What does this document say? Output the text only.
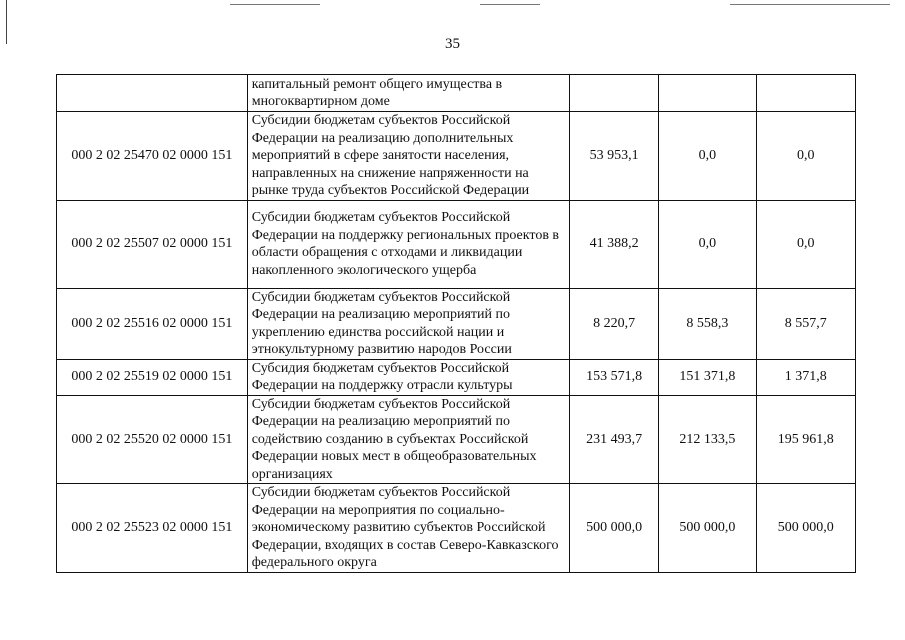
35
	капитальный ремонт общего имущества в многоквартирном доме			
000 2 02 25470 02 0000 151	Субсидии бюджетам субъектов Российской Федерации на реализацию дополнительных мероприятий в сфере занятости населения, направленных на снижение напряженности на рынке труда субъектов Российской Федерации	53 953,1	0,0	0,0
000 2 02 25507 02 0000 151	Субсидии бюджетам субъектов Российской Федерации на поддержку региональных проектов в области обращения с отходами и ликвидации накопленного экологического ущерба	41 388,2	0,0	0,0
000 2 02 25516 02 0000 151	Субсидии бюджетам субъектов Российской Федерации на реализацию мероприятий по укреплению единства российской нации и этнокультурному развитию народов России	8 220,7	8 558,3	8 557,7
000 2 02 25519 02 0000 151	Субсидия бюджетам субъектов Российской Федерации на поддержку отрасли культуры	153 571,8	151 371,8	1 371,8
000 2 02 25520 02 0000 151	Субсидии бюджетам субъектов Российской Федерации на реализацию мероприятий по содействию созданию в субъектах Российской Федерации новых мест в общеобразовательных организациях	231 493,7	212 133,5	195 961,8
000 2 02 25523 02 0000 151	Субсидии бюджетам субъектов Российской Федерации на мероприятия по социально-экономическому развитию субъектов Российской Федерации, входящих в состав Северо-Кавказского федерального округа	500 000,0	500 000,0	500 000,0
